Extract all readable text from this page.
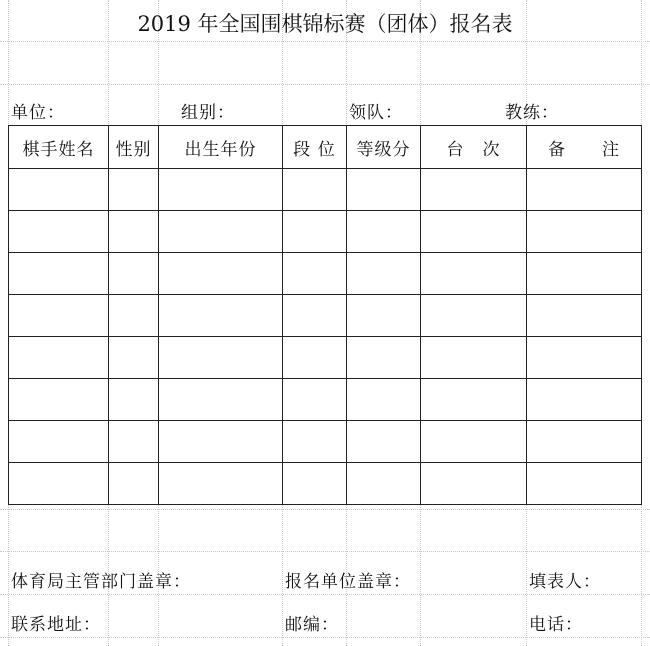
2019 年全国围棋锦标赛（团体）报名表
单位：	组别：	领队：	教练：
棋手姓名	性别	出生年份	段 位	等级分	台　次	备　　注

体育局主管部门盖章：	报名单位盖章：	填表人：
联系地址：	邮编：	电话：
